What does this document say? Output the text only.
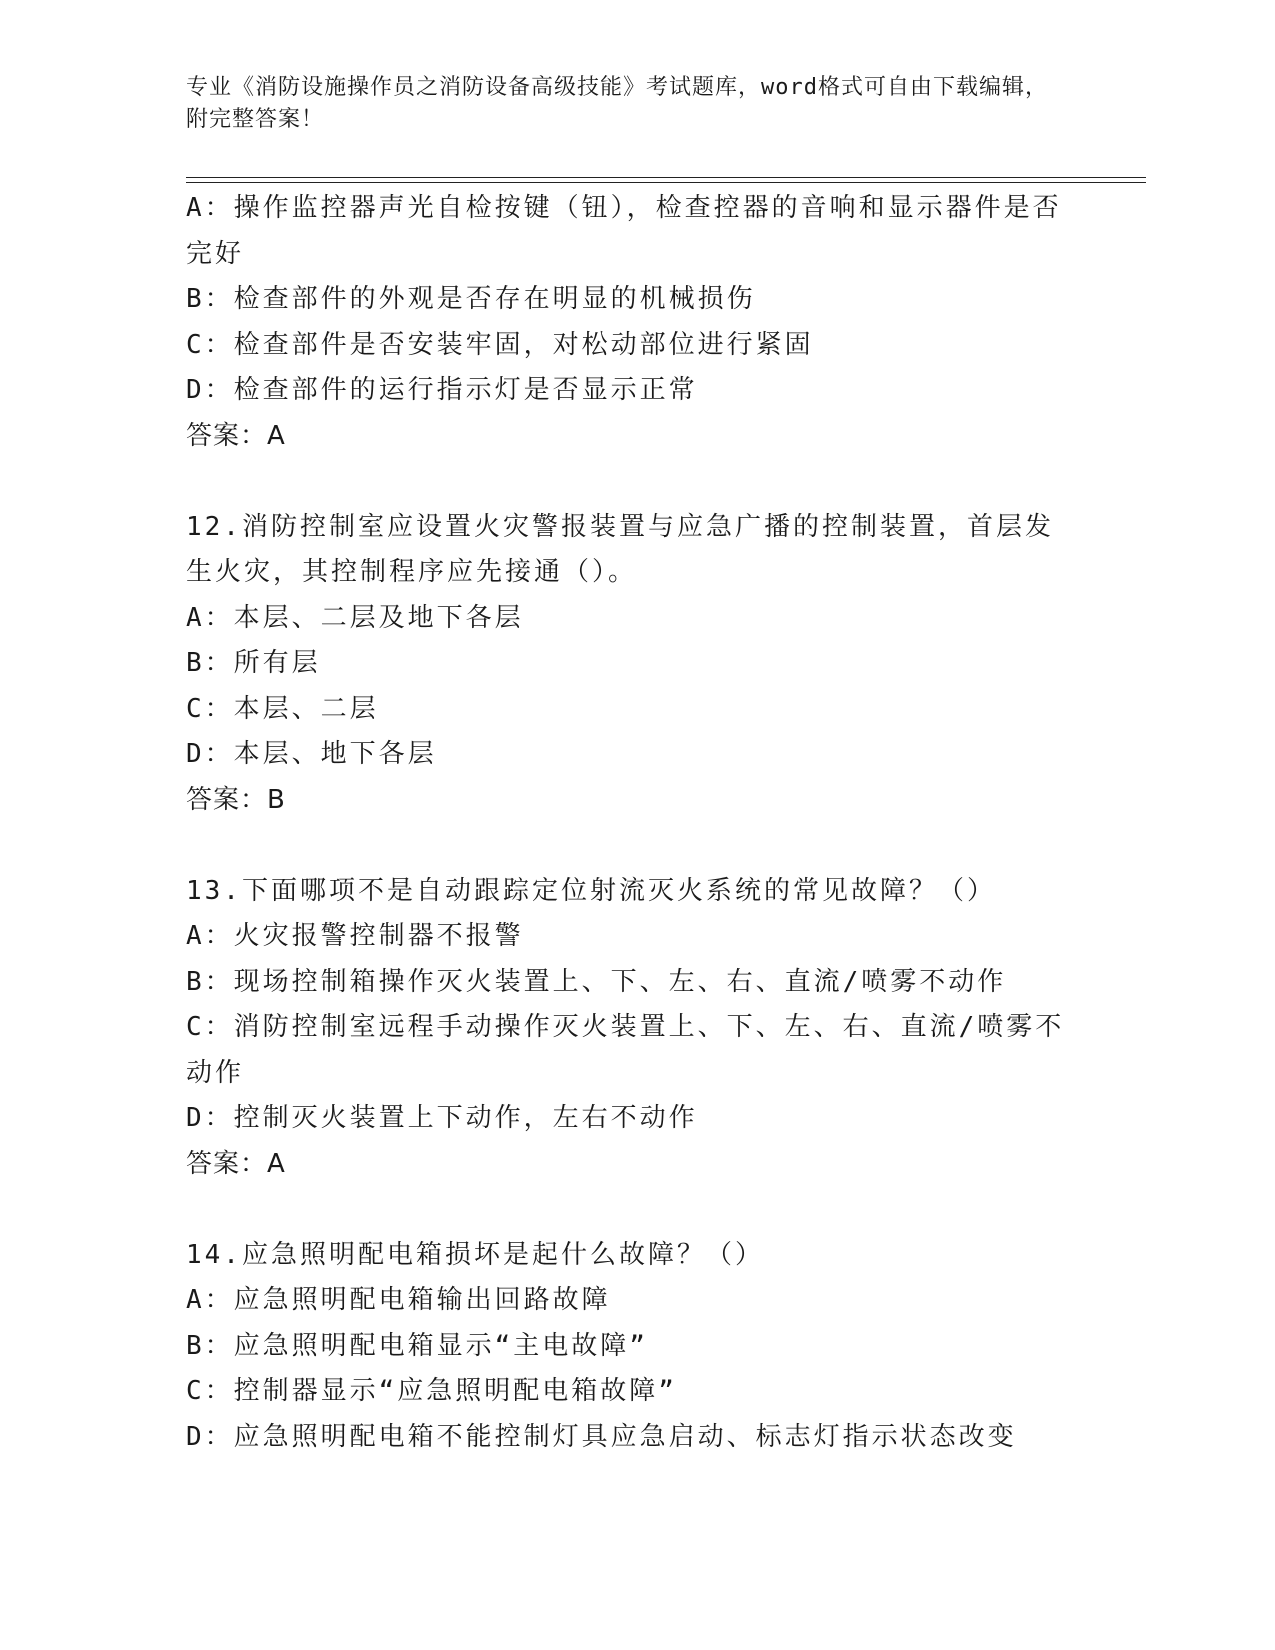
专业《消防设施操作员之消防设备高级技能》考试题库，word格式可自由下载编辑，附完整答案！
A：操作监控器声光自检按键（钮），检查控器的音响和显示器件是否完好
B：检查部件的外观是否存在明显的机械损伤
C：检查部件是否安装牢固，对松动部位进行紧固
D：检查部件的运行指示灯是否显示正常
答案：A
12.消防控制室应设置火灾警报装置与应急广播的控制装置，首层发生火灾，其控制程序应先接通（）。
A：本层、二层及地下各层
B：所有层
C：本层、二层
D：本层、地下各层
答案：B
13.下面哪项不是自动跟踪定位射流灭火系统的常见故障？（）
A：火灾报警控制器不报警
B：现场控制箱操作灭火装置上、下、左、右、直流/喷雾不动作
C：消防控制室远程手动操作灭火装置上、下、左、右、直流/喷雾不动作
D：控制灭火装置上下动作，左右不动作
答案：A
14.应急照明配电箱损坏是起什么故障？（）
A：应急照明配电箱输出回路故障
B：应急照明配电箱显示“主电故障”
C：控制器显示“应急照明配电箱故障”
D：应急照明配电箱不能控制灯具应急启动、标志灯指示状态改变
